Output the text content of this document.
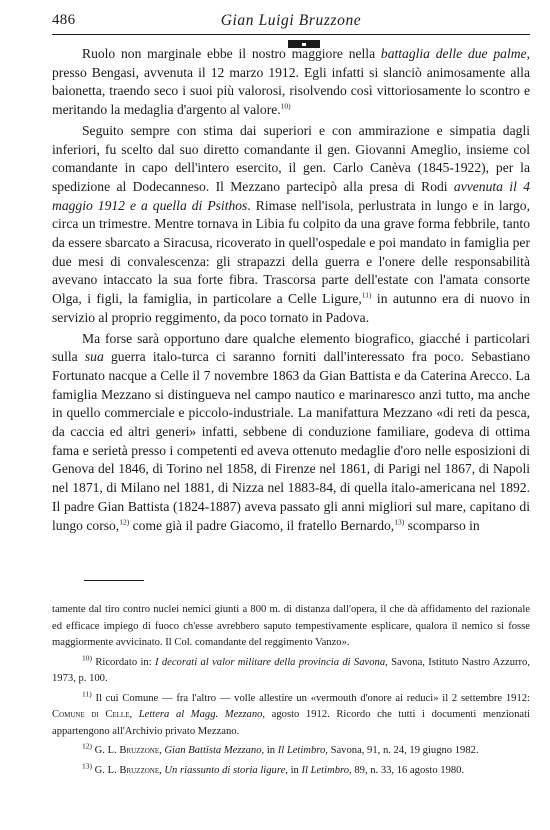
486	Gian Luigi Bruzzone

Ruolo non marginale ebbe il nostro maggiore nella battaglia delle due palme, presso Bengasi, avvenuta il 12 marzo 1912. Egli infatti si slanciò animosamente alla baionetta, traendo seco i suoi più valorosi, risolvendo così vittoriosamente lo scontro e meritando la medaglia d'argento al valore.$^{10)}$

Seguito sempre con stima dai superiori e con ammirazione e simpatia dagli inferiori, fu scelto dal suo diretto comandante il gen. Giovanni Ameglio, insieme col comandante in capo dell'intero esercito, il gen. Carlo Canèva (1845-1922), per la spedizione al Dodecanneso. Il Mezzano partecipò alla presa di Rodi avvenuta il 4 maggio 1912 e a quella di Psithos. Rimase nell'isola, perlustrata in lungo e in largo, circa un trimestre. Mentre tornava in Libia fu colpito da una grave forma febbrile, tanto da essere sbarcato a Siracusa, ricoverato in quell'ospedale e poi mandato in famiglia per due mesi di convalescenza: gli strapazzi della guerra e l'onere delle responsabilità avevano intaccato la sua forte fibra. Trascorsa parte dell'estate con l'amata consorte Olga, i figli, la famiglia, in particolare a Celle Ligure,$^{11)}$ in autunno era di nuovo in servizio al proprio reggimento, da poco tornato in Padova.

Ma forse sarà opportuno dare qualche elemento biografico, giacché i particolari sulla sua guerra italo-turca ci saranno forniti dall'interessato fra poco. Sebastiano Fortunato nacque a Celle il 7 novembre 1863 da Gian Battista e da Caterina Arecco. La famiglia Mezzano si distingueva nel campo nautico e marinaresco anzi tutto, ma anche in quello commerciale e piccolo-industriale. La manifattura Mezzano «di reti da pesca, da caccia ed altri generi» infatti, sebbene di conduzione familiare, godeva di ottima fama e serietà presso i competenti ed aveva ottenuto medaglie d'oro nelle esposizioni di Genova del 1846, di Torino nel 1858, di Firenze nel 1861, di Parigi nel 1867, di Napoli nel 1871, di Milano nel 1881, di Nizza nel 1883-84, di quella italo-americana nel 1892. Il padre Gian Battista (1824-1887) aveva passato gli anni migliori sul mare, capitano di lungo corso,$^{12)}$ come già il padre Giacomo, il fratello Bernardo,$^{13)}$ scomparso in

tamente dal tiro contro nuclei nemici giunti a 800 m. di distanza dall'opera, il che dà affidamento del razionale ed efficace impiego di fuoco ch'esse avrebbero saputo tempestivamente esplicare, qualora il nemico si fosse maggiormente avvicinato. Il Col. comandante del reggimento Vanzo».

$^{10)}$ Ricordato in: I decorati al valor militare della provincia di Savona, Savona, Istituto Nastro Azzurro, 1973, p. 100.

$^{11)}$ Il cui Comune — fra l'altro — volle allestire un «vermouth d'onore ai reduci» il 2 settembre 1912: Comune di Celle, Lettera al Magg. Mezzano, agosto 1912. Ricordo che tutti i documenti menzionati appartengono all'Archivio privato Mezzano.

$^{12)}$ G. L. Bruzzone, Gian Battista Mezzano, in Il Letimbro, Savona, 91, n. 24, 19 giugno 1982.

$^{13)}$ G. L. Bruzzone, Un riassunto di storia ligure, in Il Letimbro, 89, n. 33, 16 agosto 1980.
